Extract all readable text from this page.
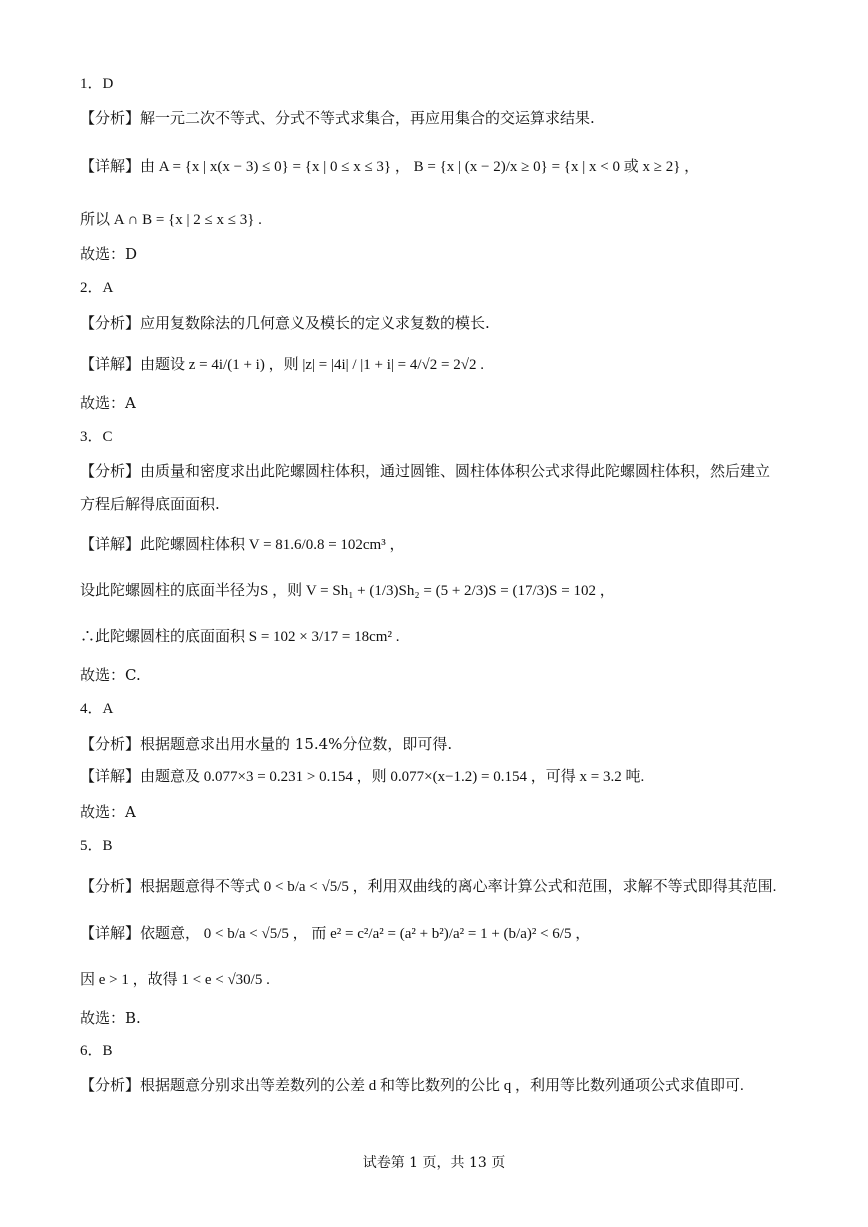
1．D
【分析】解一元二次不等式、分式不等式求集合，再应用集合的交运算求结果.
【详解】由 A = {x | x(x − 3) ≤ 0} = {x | 0 ≤ x ≤ 3} ， B = {x | (x − 2)/x ≥ 0} = {x | x < 0 或 x ≥ 2} ，
所以 A ∩ B = {x | 2 ≤ x ≤ 3} .
故选：D
2．A
【分析】应用复数除法的几何意义及模长的定义求复数的模长.
【详解】由题设 z = 4i/(1 + i) ，则 |z| = |4i| / |1 + i| = 4/√2 = 2√2 .
故选：A
3．C
【分析】由质量和密度求出此陀螺圆柱体积，通过圆锥、圆柱体体积公式求得此陀螺圆柱体积，然后建立
方程后解得底面面积.
【详解】此陀螺圆柱体积 V = 81.6/0.8 = 102cm³ ，
设此陀螺圆柱的底面半径为S ，则 V = Sh₁ + (1/3)Sh₂ = (5 + 2/3)S = (17/3)S = 102 ，
∴此陀螺圆柱的底面面积 S = 102 × 3/17 = 18cm² .
故选：C.
4．A
【分析】根据题意求出用水量的 15.4%分位数，即可得.
【详解】由题意及 0.077×3 = 0.231 > 0.154 ，则 0.077×(x−1.2) = 0.154 ，可得 x = 3.2 吨.
故选：A
5．B
【分析】根据题意得不等式 0 < b/a < √5/5 ，利用双曲线的离心率计算公式和范围，求解不等式即得其范围.
【详解】依题意， 0 < b/a < √5/5 ， 而 e² = c²/a² = (a² + b²)/a² = 1 + (b/a)² < 6/5 ，
因 e > 1 ，故得 1 < e < √30/5 .
故选：B.
6．B
【分析】根据题意分别求出等差数列的公差 d 和等比数列的公比 q ，利用等比数列通项公式求值即可.
试卷第 1 页，共 13 页
